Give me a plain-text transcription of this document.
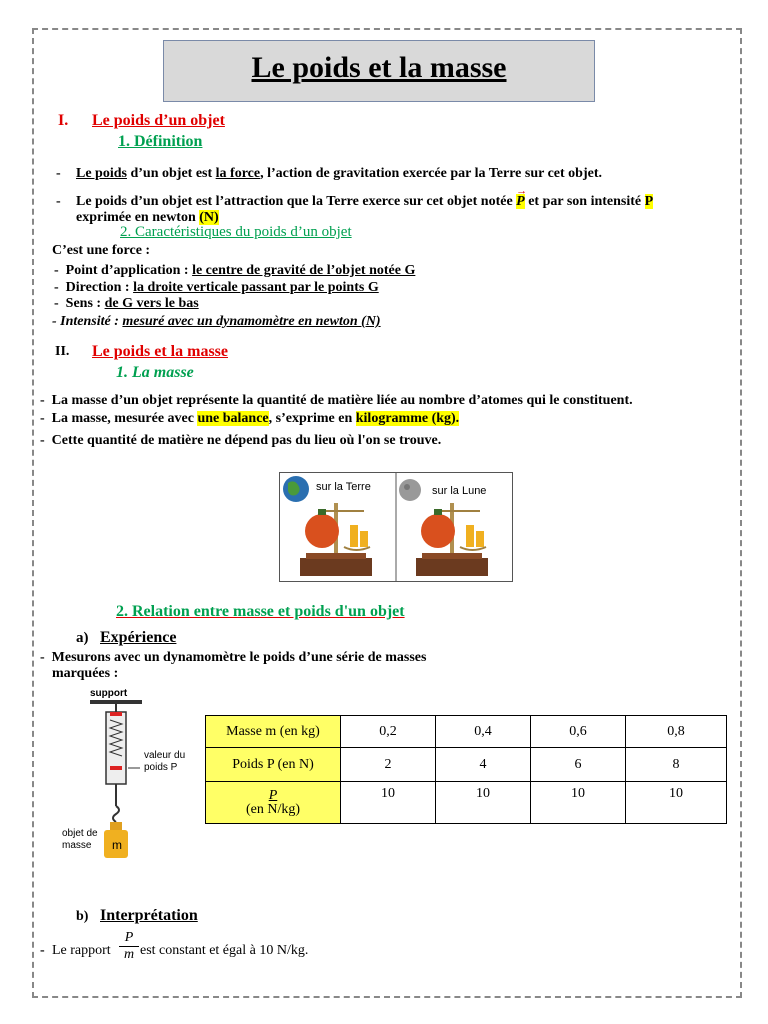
Le poids et la masse
I. Le poids d’un objet
1. Définition
- Le poids d’un objet est la force, l’action de gravitation exercée par la Terre sur cet objet.
- Le poids d’un objet est l’attraction que la Terre exerce sur cet objet notée
→
P et par son intensité P
exprimée en newton (N)
2. Caractéristiques du poids d’un objet
C’est une force :
-  Point d’application : le centre de gravité de l’objet notée G
-  Direction : la droite verticale passant par le points G
-  Sens : de G vers le bas
- Intensité : mesuré avec un dynamomètre en newton (N)
II. Le poids et la masse
1. La masse
-  La masse d’un objet représente la quantité de matière liée au nombre d’atomes qui le constituent.
-  La masse, mesurée avec une balance, s’exprime en kilogramme (kg).
-  Cette quantité de matière ne dépend pas du lieu où l'on se trouve.
sur la Terre	sur la Lune
2. Relation entre masse et poids d'un objet
a) Expérience
-  Mesurons avec un dynamomètre le poids d’une série de masses
marquées :
support
valeur du
poids P
objet de
masse m
Masse m (en kg)	0,2	0,4	0,6	0,8
Poids P (en N)	2	4	6	8

P
(en N/kg)	10	10	10	10
b) Interprétation
- Le rapport
P
m est constant et égal à 10 N/kg.
